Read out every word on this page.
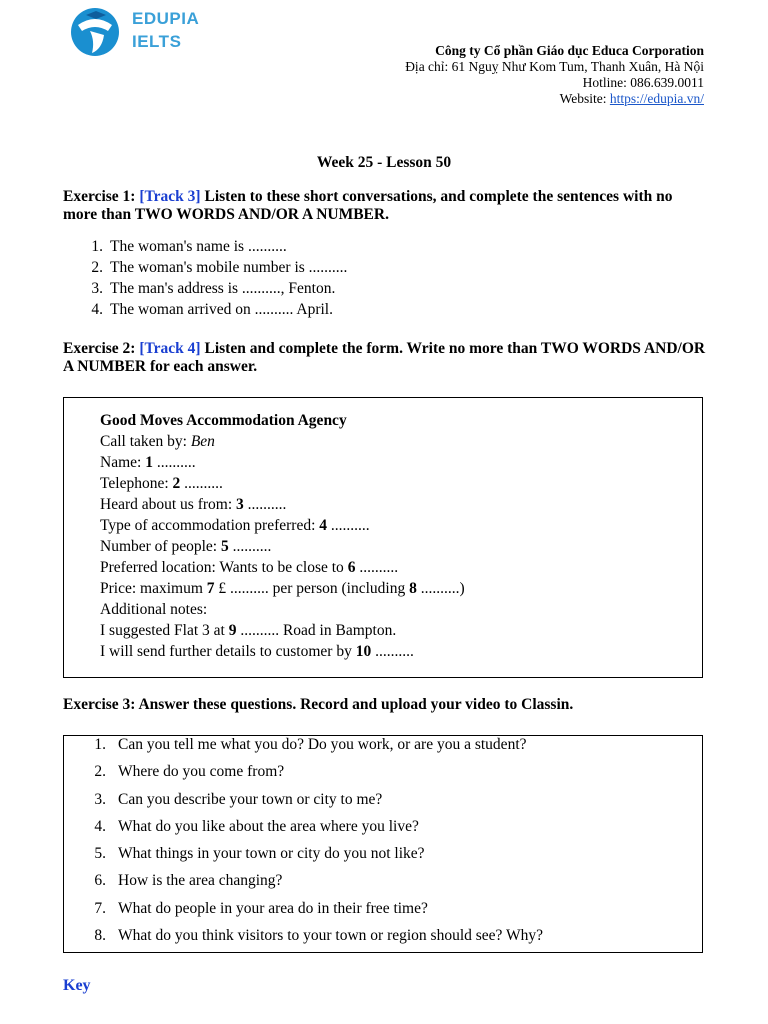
EDUPIA
IELTS	Công ty Cổ phần Giáo dục Educa Corporation
Địa chỉ: 61 Nguỵ Như Kom Tum, Thanh Xuân, Hà Nội
Hotline: 086.639.0011
Website: https://edupia.vn/
Week 25 - Lesson 50
Exercise 1: [Track 3] Listen to these short conversations, and complete the sentences with no more than TWO WORDS AND/OR A NUMBER.
1. The woman's name is ..........
2. The woman's mobile number is ..........
3. The man's address is .........., Fenton.
4. The woman arrived on .......... April.
Exercise 2: [Track 4] Listen and complete the form. Write no more than TWO WORDS AND/OR A NUMBER for each answer.
Good Moves Accommodation Agency
Call taken by: Ben
Name: 1 ..........
Telephone: 2 ..........
Heard about us from: 3 ..........
Type of accommodation preferred: 4 ..........
Number of people: 5 ..........
Preferred location: Wants to be close to 6 ..........
Price: maximum 7 £ .......... per person (including 8 ..........)
Additional notes:
I suggested Flat 3 at 9 .......... Road in Bampton.
I will send further details to customer by 10 ..........
Exercise 3: Answer these questions. Record and upload your video to Classin.
1. Can you tell me what you do? Do you work, or are you a student?
2. Where do you come from?
3. Can you describe your town or city to me?
4. What do you like about the area where you live?
5. What things in your town or city do you not like?
6. How is the area changing?
7. What do people in your area do in their free time?
8. What do you think visitors to your town or region should see? Why?
Key
